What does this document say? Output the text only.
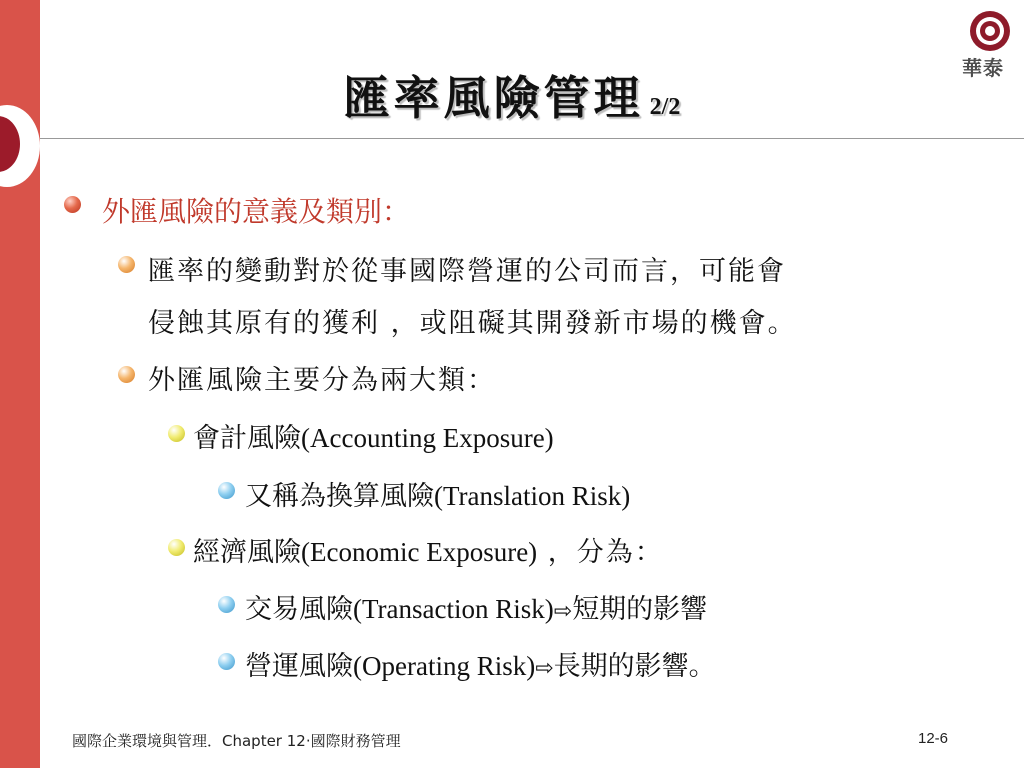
華泰
匯率風險管理 2/2
外匯風險的意義及類別：
匯率的變動對於從事國際營運的公司而言，可能會
侵蝕其原有的獲利 ，或阻礙其開發新市場的機會。
外匯風險主要分為兩大類：
會計風險(Accounting Exposure)
又稱為換算風險(Translation Risk)
經濟風險(Economic Exposure) ，分為：
交易風險(Transaction Risk)⇨短期的影響
營運風險(Operating Risk)⇨長期的影響。
國際企業環境與管理．Chapter 12‧國際財務管理	12-6
